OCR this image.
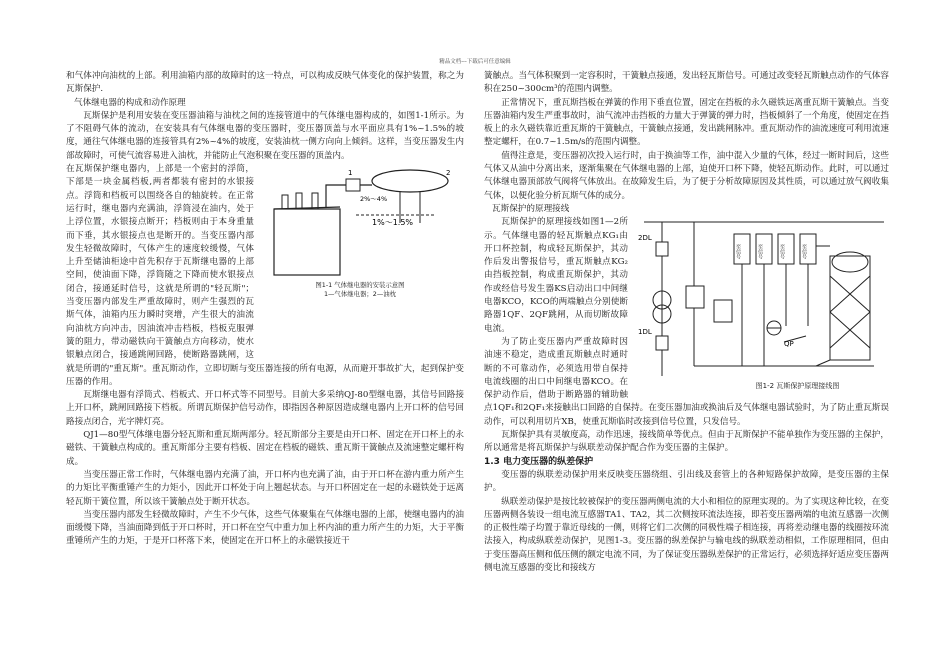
精品文档---下载后可任意编辑

和气体冲向油枕的上部。利用油箱内部的故障时的这一特点，可以构成反映气体变化的保护装置，称之为瓦斯保护.

气体继电器的构成和动作原理

瓦斯保护是利用安装在变压器油箱与油枕之间的连接管道中的气体继电器构成的，如图1-1所示。为了不阻碍气体的流动，在安装具有气体继电器的变压器时，变压器顶盖与水平面应具有1%~1.5%的坡度，通往气体继电器的连接管具有2%~4%的坡度，安装油枕一侧方向向上倾斜。这样，当变压器发生内部故障时，可使气流容易进入油枕，并能防止气泡积聚在变压器的顶盖内。

1%～1.5%
1	2
2%～4%
图1-1 气体继电器的安装示意图
1—气体继电器；2—油枕

在瓦斯保护继电器内，上部是一个密封的浮筒，下部是一块金属档板,两者都装有密封的水银接点。浮筒和档板可以围绕各自的轴旋转。在正常运行时，继电器内充满油，浮筒浸在油内，处于上浮位置，水银接点断开；档板则由于本身重量而下垂，其水银接点也是断开的。当变压器内部发生轻微故障时，气体产生的速度较缓慢，气体上升至储油柜途中首先积存于瓦斯继电器的上部空间，使油面下降，浮筒随之下降而使水银接点闭合，接通延时信号，这就是所谓的"轻瓦斯"；当变压器内部发生严重故障时，则产生强烈的瓦斯气体，油箱内压力瞬时突增，产生很大的油流向油枕方向冲击，因油流冲击档板，档板克服弹簧的阻力，带动磁铁向干簧触点方向移动，使水银触点闭合，接通跳闸回路，使断路器跳闸，这就是所谓的"重瓦斯"。重瓦斯动作，立即切断与变压器连接的所有电源，从而避开事故扩大，起到保护变压器的作用。

瓦斯继电器有浮筒式、档板式、开口杯式等不同型号。目前大多采纳QJ-80型继电器，其信号回路接上开口杯，跳闸回路接下档板。所谓瓦斯保护信号动作，即指因各种原因造成继电器内上开口杯的信号回路接点闭合，光字牌灯亮。

QJ1—80型气体继电器分轻瓦斯和重瓦斯两部分。轻瓦斯部分主要是由开口杯、固定在开口杯上的永磁铁、干簧触点构成的。重瓦斯部分主要有档板、固定在档板的磁铁、重瓦斯干簧触点及流速整定螺杆构成。

当变压器正常工作时，气体继电器内充满了油，开口杯内也充满了油，由于开口杯在游内重力所产生的力矩比平衡重锤产生的力矩小，因此开口杯处于向上翘起状态。与开口杯固定在一起的永磁铁处于远离轻瓦斯干簧位置，所以该干簧触点处于断开状态。

当变压器内部发生轻微故障时，产生不少气体，这些气体聚集在气体继电器的上部，使继电器内的油面缓慢下降，当油面降到低于开口杯时，开口杯在空气中重力加上杯内油的重力所产生的力矩，大于平衡重锤所产生的力矩，于是开口杯落下来，使固定在开口杯上的永磁铁接近干

簧触点。当气体积聚到一定容积时，干簧触点接通，发出轻瓦斯信号。可通过改变轻瓦斯触点动作的气体容积在250~300cm³的范围内调整。

正常情况下，重瓦斯挡板在弹簧的作用下垂直位置，固定在挡板的永久磁铁远离重瓦斯干簧触点。当变压器油箱内发生严重事故时，油气流冲击挡板的力量大于弹簧的弹力时，挡板倾斜了一个角度，使固定在挡板上的永久磁铁靠近重瓦斯的干簧触点，干簧触点接通，发出跳闸脉冲。重瓦斯动作的油流速度可利用流速整定螺杆，在0.7~1.5m/s的范围内调整。

值得注意是，变压器初次投入运行时，由于换油等工作，油中混入少量的气体，经过一断时间后，这些气体又从油中分离出来，逐渐集聚在气体继电器的上部，迫使开口杯下降，使轻瓦斯动作。此时，可以通过气体继电器顶部放气阀将气体放出。在故障发生后，为了便于分析故障原因及其性质，可以通过放气阀收集气体，以便化验分析瓦斯气体的成分。

瓦斯保护的原理接线

2DL
1DL
QP
至信号	至信号	至信号	至信号
图1-2 瓦斯保护原理接线图

瓦斯保护的原理接线如图1—2所示。气体继电器的轻瓦斯触点KG₁由开口杯控制，构成轻瓦斯保护，其动作后发出警报信号，重瓦斯触点KG₂由挡板控制，构成重瓦斯保护，其动作或经信号发生器KS启动出口中间继电器KCO，KCO的两端触点分别使断路器1QF、2QF跳闸，从而切断故障电流。

为了防止变压器内严重故障时因油速不稳定，造成重瓦斯触点时通时断的不可靠动作，必须选用带自保持电流线圈的出口中间继电器KCO。在保护动作后，借助于断路器的辅助触点1QF₁和2QF₁来接触出口回路的自保持。在变压器加油或换油后及气体继电器试验时，为了防止重瓦斯误动作，可以利用切片XB，使重瓦斯临时改接到信号位置，只发信号。

瓦斯保护具有灵敏度高，动作迅速，接线简单等优点。但由于瓦斯保护不能单独作为变压器的主保护，所以通常是将瓦斯保护与纵联差动保护配合作为变压器的主保护。

1.3 电力变压器的纵差保护

变压器的纵联差动保护用来反映变压器绕组、引出线及套管上的各种短路保护故障，是变压器的主保护。

纵联差动保护是按比较被保护的变压器两侧电流的大小和相位的原理实现的。为了实现这种比较，在变压器两侧各装设一组电流互感器TA1、TA2，其二次侧按环流法连接，即若变压器两端的电流互感器一次侧的正极性端子均置于靠近母线的一侧，则将它们二次侧的同极性端子相连接，再将差动继电器的线圈按环流法接入，构成纵联差动保护，见图1-3。变压器的纵差保护与输电线的纵联差动相似，工作原理相同，但由于变压器高压侧和低压侧的额定电流不同，为了保证变压器纵差保护的正常运行，必须选择好适应变压器两侧电流互感器的变比和接线方
